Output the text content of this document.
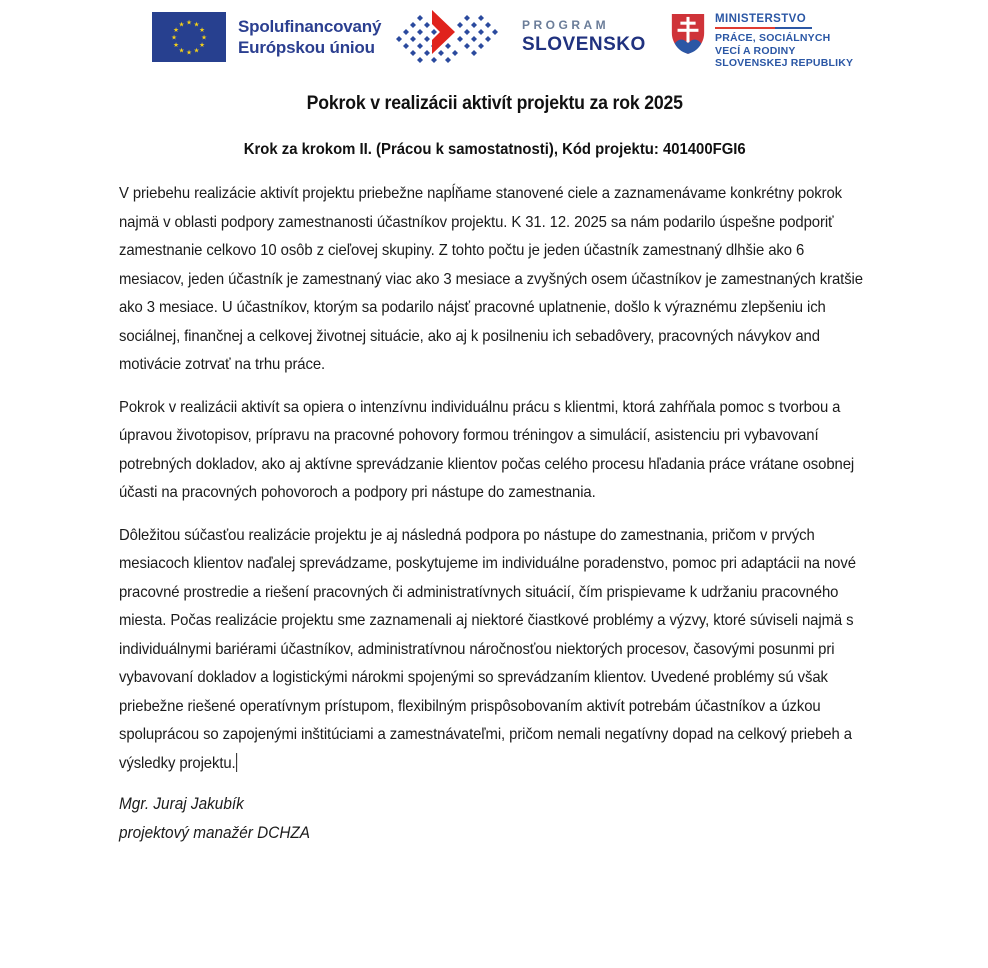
★ ★
★
★
★
★
★
★
★
★
★
★	Spolufinancovaný
Európskou úniou
PROGRAM
SLOVENSKO
MINISTERSTVO
PRÁCE, SOCIÁLNYCH
VECÍ A RODINY
SLOVENSKEJ REPUBLIKY
Pokrok v realizácii aktivít projektu za rok 2025
Krok za krokom II. (Prácou k samostatnosti), Kód projektu: 401400FGI6

V priebehu realizácie aktivít projektu priebežne napĺňame stanovené ciele a zaznamenávame konkrétny pokrok najmä v oblasti podpory zamestnanosti účastníkov projektu. K 31. 12. 2025 sa nám podarilo úspešne podporiť zamestnanie celkovo 10 osôb z cieľovej skupiny. Z tohto počtu je jeden účastník zamestnaný dlhšie ako 6 mesiacov, jeden účastník je zamestnaný viac ako 3 mesiace a zvyšných osem účastníkov je zamestnaných kratšie ako 3 mesiace. U účastníkov, ktorým sa podarilo nájsť pracovné uplatnenie, došlo k výraznému zlepšeniu ich sociálnej, finančnej a celkovej životnej situácie, ako aj k posilneniu ich sebadôvery, pracovných návykov and motivácie zotrvať na trhu práce.

Pokrok v realizácii aktivít sa opiera o intenzívnu individuálnu prácu s klientmi, ktorá zahŕňala pomoc s tvorbou a úpravou životopisov, prípravu na pracovné pohovory formou tréningov a simulácií, asistenciu pri vybavovaní potrebných dokladov, ako aj aktívne sprevádzanie klientov počas celého procesu hľadania práce vrátane osobnej účasti na pracovných pohovoroch a podpory pri nástupe do zamestnania.

Dôležitou súčasťou realizácie projektu je aj následná podpora po nástupe do zamestnania, pričom v prvých mesiacoch klientov naďalej sprevádzame, poskytujeme im individuálne poradenstvo, pomoc pri adaptácii na nové pracovné prostredie a riešení pracovných či administratívnych situácií, čím prispievame k udržaniu pracovného miesta. Počas realizácie projektu sme zaznamenali aj niektoré čiastkové problémy a výzvy, ktoré súviseli najmä s individuálnymi bariérami účastníkov, administratívnou náročnosťou niektorých procesov, časovými posunmi pri vybavovaní dokladov a logistickými nárokmi spojenými so sprevádzaním klientov. Uvedené problémy sú však priebežne riešené operatívnym prístupom, flexibilným prispôsobovaním aktivít potrebám účastníkov a úzkou spoluprácou so zapojenými inštitúciami a zamestnávateľmi, pričom nemali negatívny dopad na celkový priebeh a výsledky projektu.

Mgr. Juraj Jakubík

projektový manažér DCHZA
